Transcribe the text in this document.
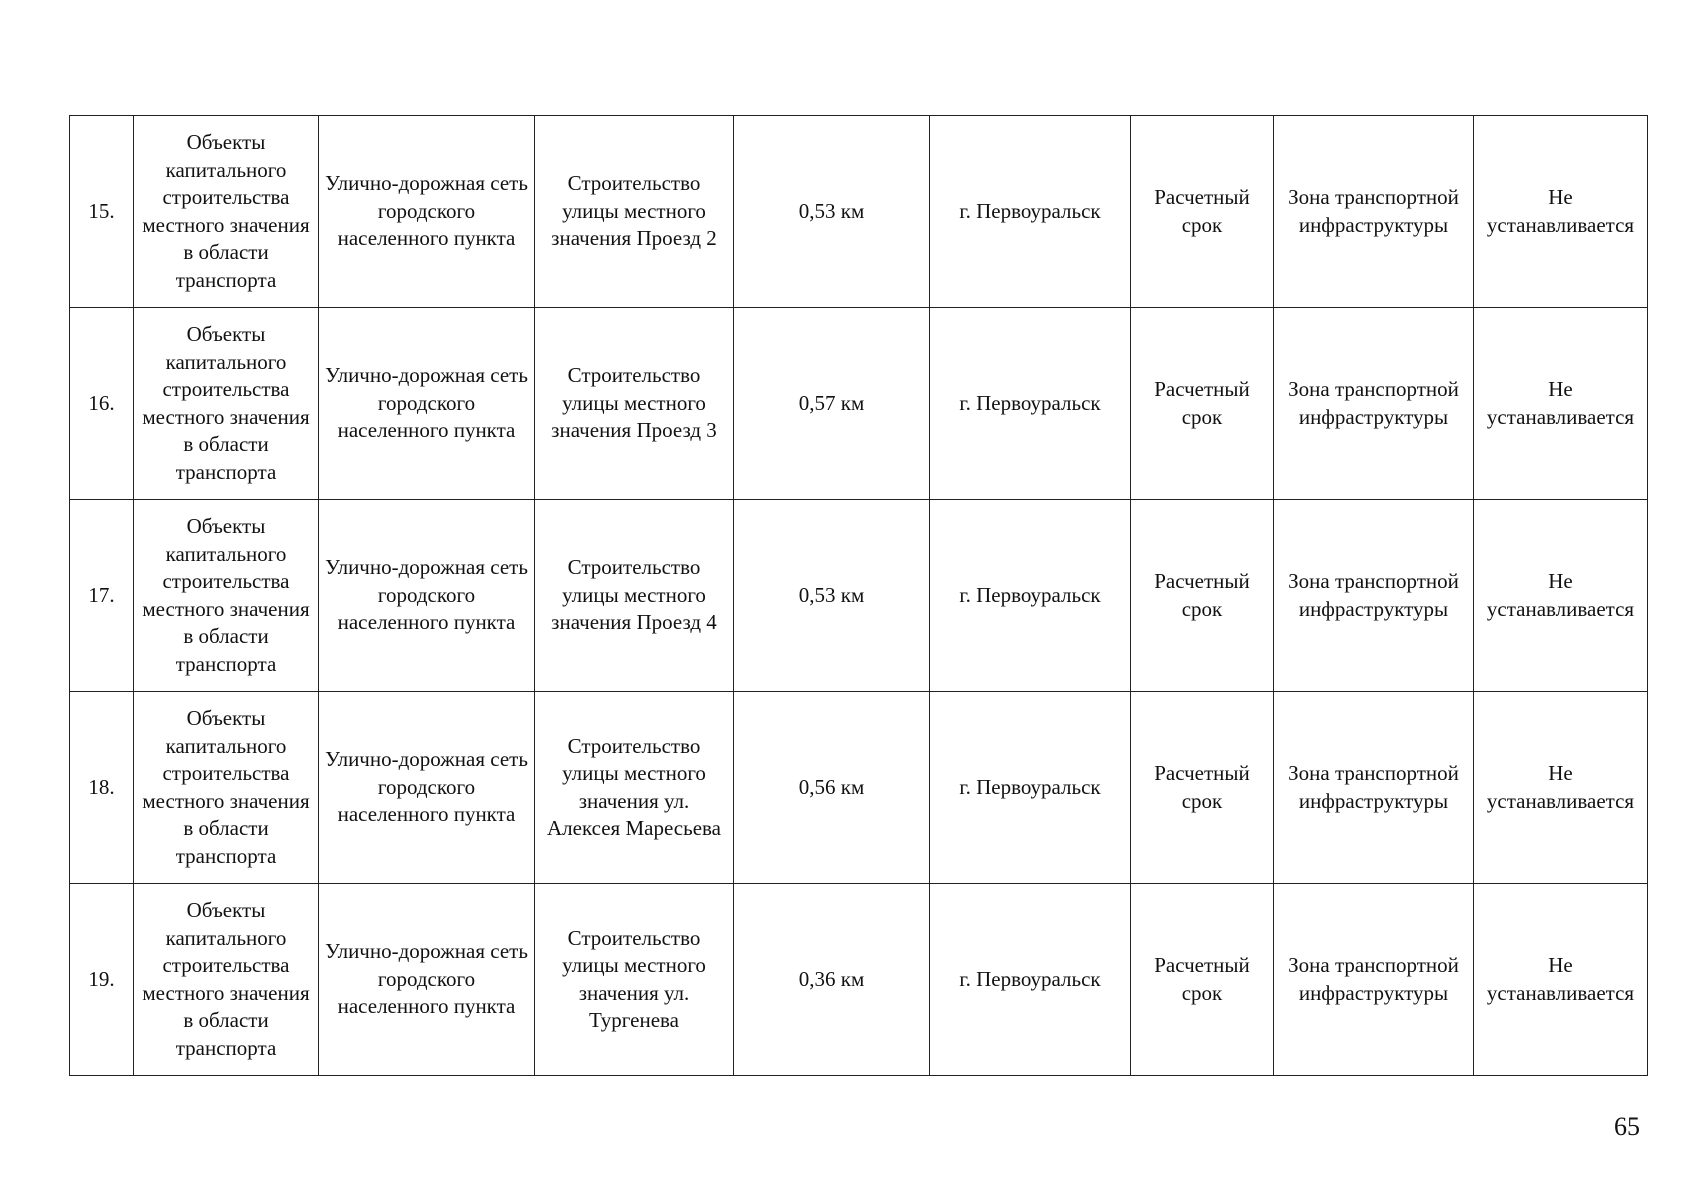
15.	Объекты капитального строительства местного значения в области транспорта	Улично-дорожная сеть городского населенного пункта	Строительство улицы местного значения Проезд 2	0,53 км	г. Первоуральск	Расчетный срок	Зона транспортной инфраструктуры	Не устанавливается
16.	Объекты капитального строительства местного значения в области транспорта	Улично-дорожная сеть городского населенного пункта	Строительство улицы местного значения Проезд 3	0,57 км	г. Первоуральск	Расчетный срок	Зона транспортной инфраструктуры	Не устанавливается
17.	Объекты капитального строительства местного значения в области транспорта	Улично-дорожная сеть городского населенного пункта	Строительство улицы местного значения Проезд 4	0,53 км	г. Первоуральск	Расчетный срок	Зона транспортной инфраструктуры	Не устанавливается
18.	Объекты капитального строительства местного значения в области транспорта	Улично-дорожная сеть городского населенного пункта	Строительство улицы местного значения ул. Алексея Маресьева	0,56 км	г. Первоуральск	Расчетный срок	Зона транспортной инфраструктуры	Не устанавливается
19.	Объекты капитального строительства местного значения в области транспорта	Улично-дорожная сеть городского населенного пункта	Строительство улицы местного значения ул. Тургенева	0,36 км	г. Первоуральск	Расчетный срок	Зона транспортной инфраструктуры	Не устанавливается
65
